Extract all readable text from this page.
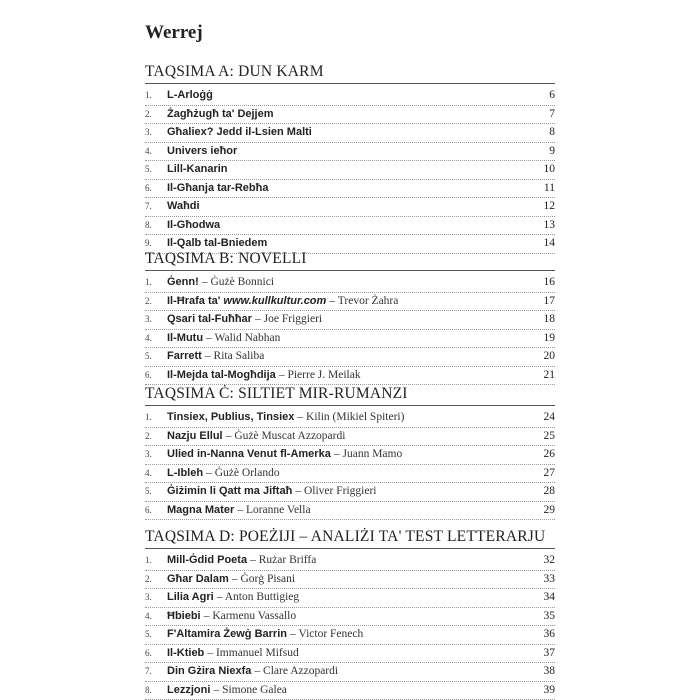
Werrej
TAQSIMA A: DUN KARM
1.	L-Arloġġ	6
2.	Żagħżugħ ta' Dejjem	7
3.	Għaliex? Jedd il-Lsien Malti	8
4.	Univers ieħor	9
5.	Lill-Kanarin	10
6.	Il-Għanja tar-Rebħa	11
7.	Waħdi	12
8.	Il-Għodwa	13
9.	Il-Qalb tal-Bniedem	14
TAQSIMA B: NOVELLI
1.	Ġenn! – Ġużè Bonnici	16
2.	Il-Ħrafa ta' www.kullkultur.com – Trevor Żahra	17
3.	Qsari tal-Fuħħar – Joe Friggieri	18
4.	Il-Mutu – Walid Nabhan	19
5.	Farrett – Rita Saliba	20
6.	Il-Mejda tal-Mogħdija – Pierre J. Meilak	21
TAQSIMA Ċ: SILTIET MIR-RUMANZI
1.	Tinsiex, Publius, Tinsiex – Kilin (Mikiel Spiteri)	24
2.	Nazju Ellul – Ġużè Muscat Azzopardi	25
3.	Ulied in-Nanna Venut fl-Amerka – Juann Mamo	26
4.	L-Ibleh – Ġużè Orlando	27
5.	Ġiżimin li Qatt ma Jiftaħ – Oliver Friggieri	28
6.	Magna Mater – Loranne Vella	29
TAQSIMA D: POEŻIJI – ANALIŻI TA' TEST LETTERARJU
1.	Mill-Ġdid Poeta – Rużar Briffa	32
2.	Għar Dalam – Ġorġ Pisani	33
3.	Lilia Agri – Anton Buttigieg	34
4.	Ħbiebi – Karmenu Vassallo	35
5.	F'Altamira Żewġ Barrin – Victor Fenech	36
6.	Il-Ktieb – Immanuel Mifsud	37
7.	Din Gżira Niexfa – Clare Azzopardi	38
8.	Lezzjoni – Simone Galea	39
